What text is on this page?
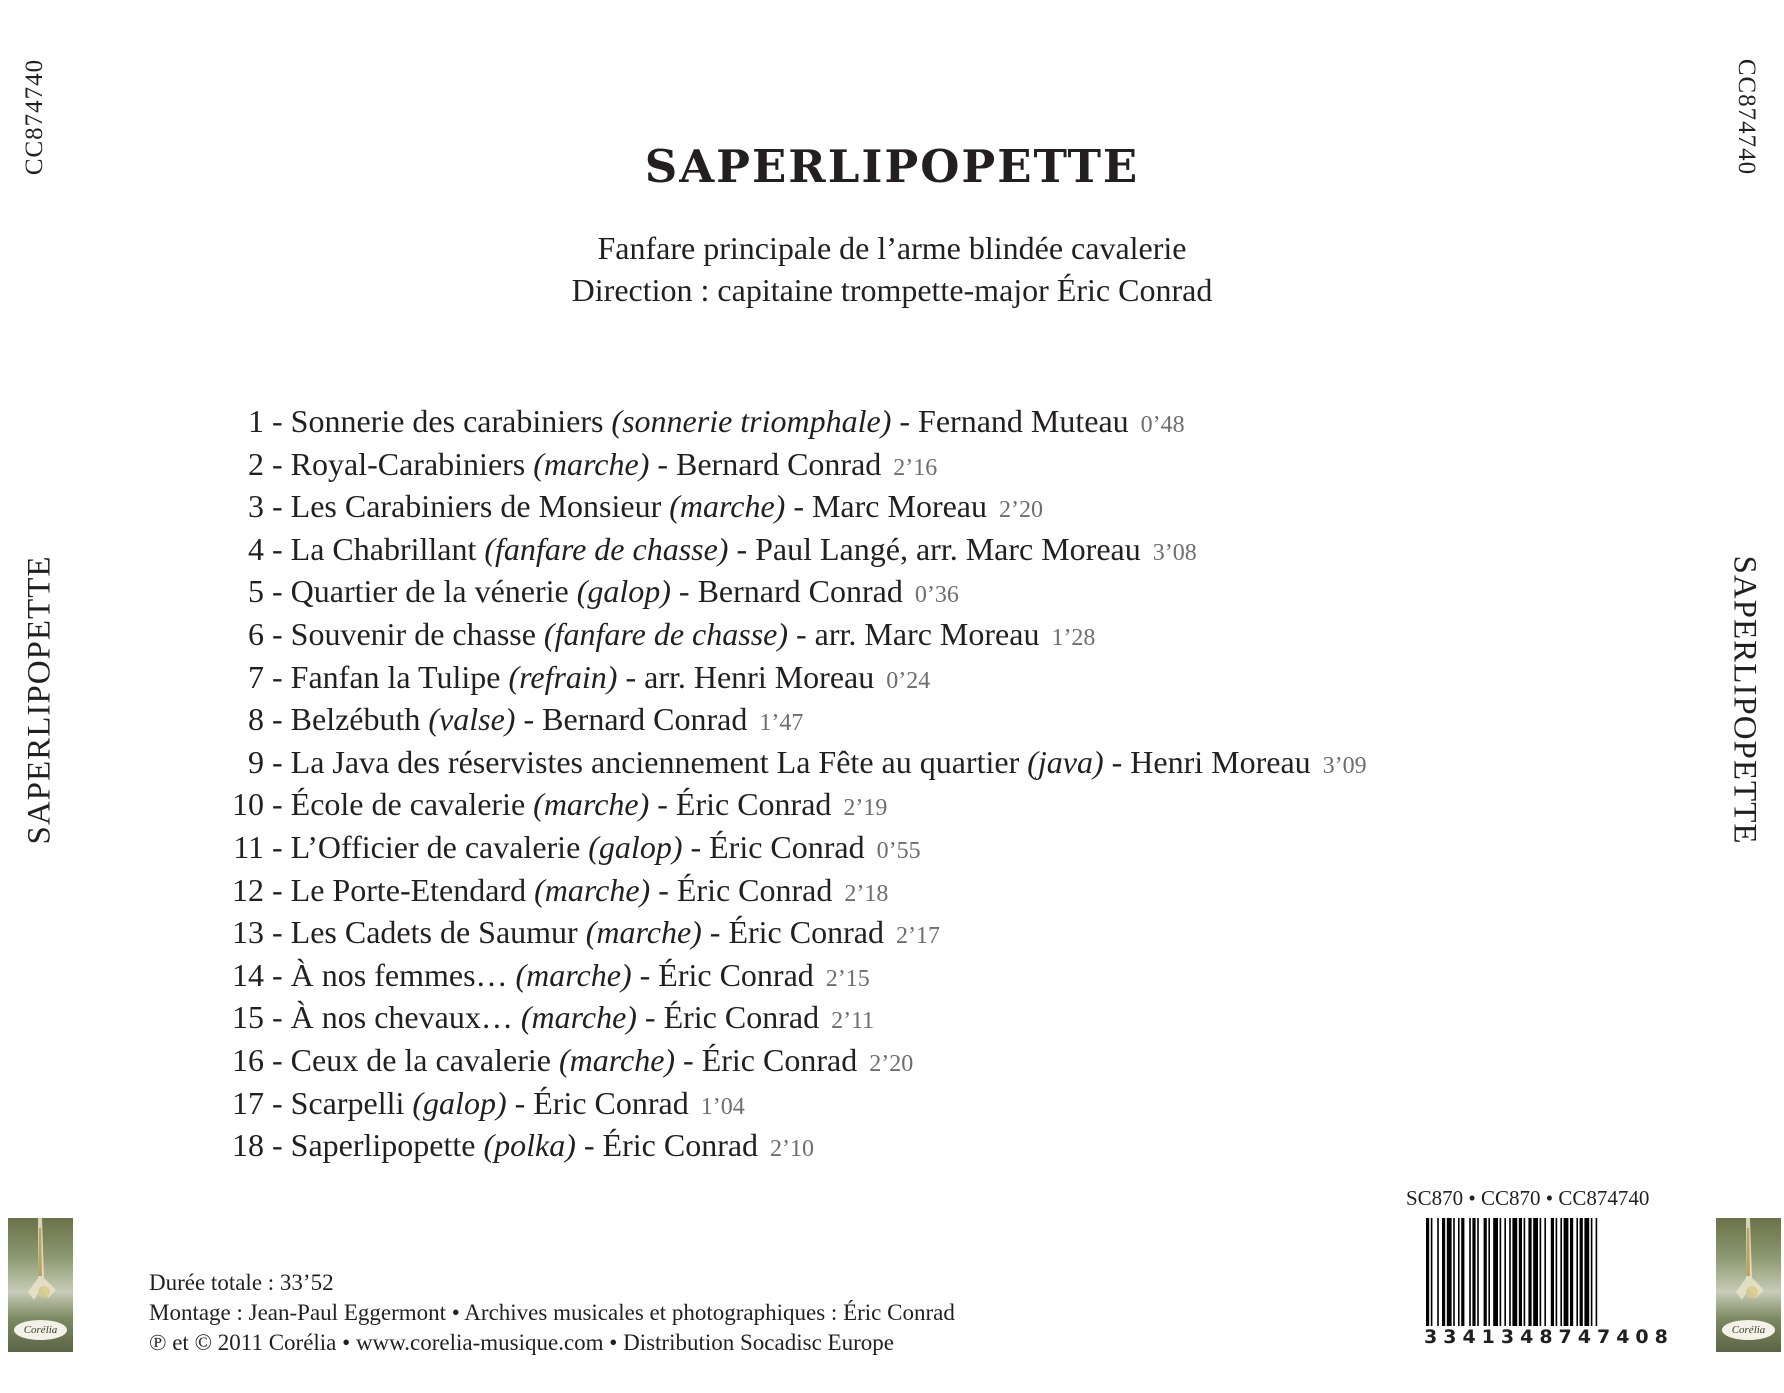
CC874740	CC874740
SAPERLIPOPETTE	SAPERLIPOPETTE
SAPERLIPOPETTE
Fanfare principale de l’arme blindée cavalerie
Direction : capitaine trompette-major Éric Conrad
1 - Sonnerie des carabiniers (sonnerie triomphale) - Fernand Muteau 0’48
2 - Royal-Carabiniers (marche) - Bernard Conrad 2’16
3 - Les Carabiniers de Monsieur (marche) - Marc Moreau 2’20
4 - La Chabrillant (fanfare de chasse) - Paul Langé, arr. Marc Moreau 3’08
5 - Quartier de la vénerie (galop) - Bernard Conrad 0’36
6 - Souvenir de chasse (fanfare de chasse) - arr. Marc Moreau 1’28
7 - Fanfan la Tulipe (refrain) - arr. Henri Moreau 0’24
8 - Belzébuth (valse) - Bernard Conrad 1’47
9 - La Java des réservistes anciennement La Fête au quartier (java) - Henri Moreau 3’09
10 - École de cavalerie (marche) - Éric Conrad 2’19
11 - L’Officier de cavalerie (galop) - Éric Conrad 0’55
12 - Le Porte-Etendard (marche) - Éric Conrad 2’18
13 - Les Cadets de Saumur (marche) - Éric Conrad 2’17
14 - À nos femmes… (marche) - Éric Conrad 2’15
15 - À nos chevaux… (marche) - Éric Conrad 2’11
16 - Ceux de la cavalerie (marche) - Éric Conrad 2’20
17 - Scarpelli (galop) - Éric Conrad 1’04
18 - Saperlipopette (polka) - Éric Conrad 2’10
SC870 • CC870 • CC874740
3 3 4 1 3 4 8 7 4 7 4 0 8
Durée totale : 33’52
Montage : Jean-Paul Eggermont • Archives musicales et photographiques : Éric Conrad
℗ et © 2011 Corélia • www.corelia-musique.com • Distribution Socadisc Europe
Corélia	Corélia
